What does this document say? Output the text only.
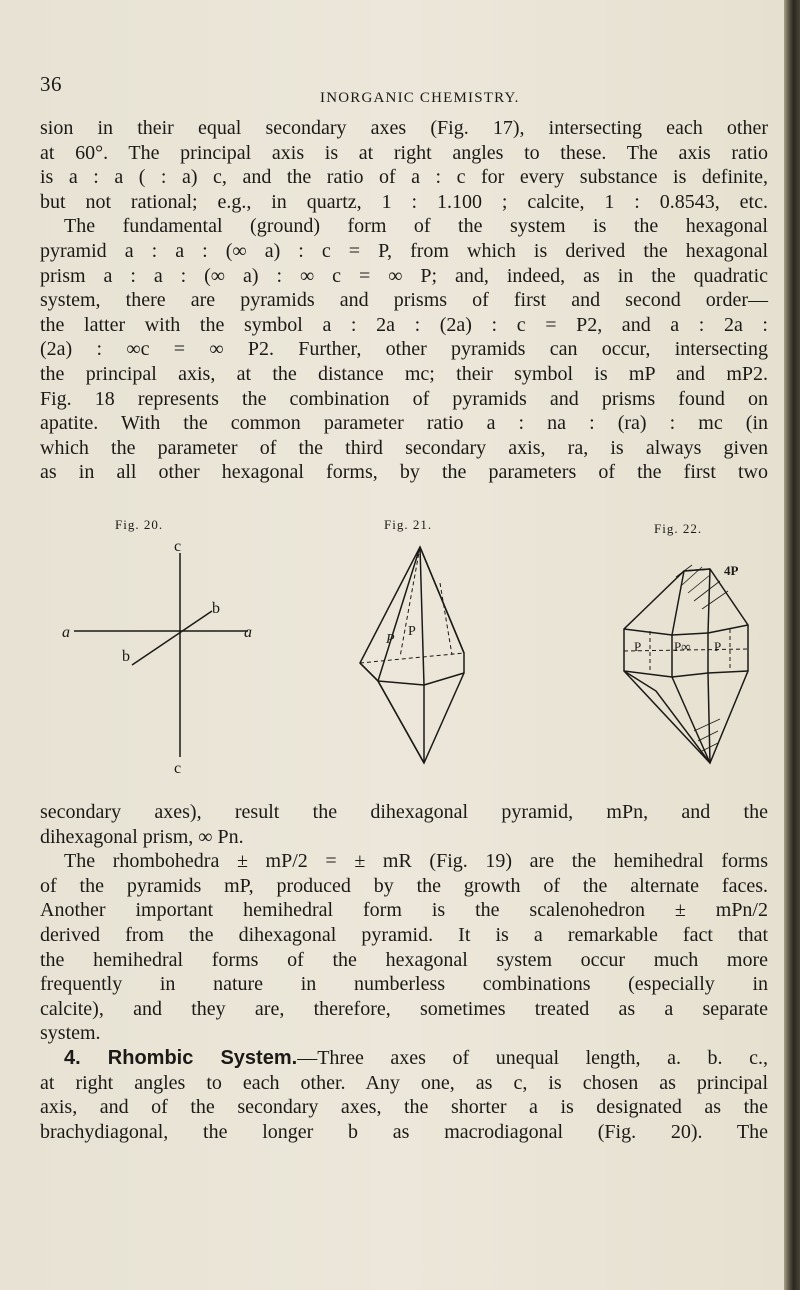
36
INORGANIC CHEMISTRY.
sion in their equal secondary axes (Fig. 17), intersecting each other
at 60°. The principal axis is at right angles to these. The axis ratio
is a : a ( : a) c, and the ratio of a : c for every substance is definite,
but not rational; e.g., in quartz, 1 : 1.100 ; calcite, 1 : 0.8543, etc.
The fundamental (ground) form of the system is the hexagonal
pyramid a : a : (∞ a) : c = P, from which is derived the hexagonal
prism a : a : (∞ a) : ∞ c = ∞ P; and, indeed, as in the quadratic
system, there are pyramids and prisms of first and second order—
the latter with the symbol a : 2a : (2a) : c = P2, and a : 2a :
(2a) : ∞c = ∞ P2. Further, other pyramids can occur, intersecting
the principal axis, at the distance mc; their symbol is mP and mP2.
Fig. 18 represents the combination of pyramids and prisms found on
apatite. With the common parameter ratio a : na : (ra) : mc (in
which the parameter of the third secondary axis, ra, is always given
as in all other hexagonal forms, by the parameters of the first two
Fig. 20.	Fig. 21.	Fig. 22.
c
c
a	a
b
b
P
P
4P
P	P∞ P
secondary axes), result the dihexagonal pyramid, mPn, and the
dihexagonal prism, ∞ Pn.
The rhombohedra ± mP/2 = ± mR (Fig. 19) are the hemihedral forms
of the pyramids mP, produced by the growth of the alternate faces.
Another important hemihedral form is the scalenohedron ± mPn/2
derived from the dihexagonal pyramid. It is a remarkable fact that
the hemihedral forms of the hexagonal system occur much more
frequently in nature in numberless combinations (especially in
calcite), and they are, therefore, sometimes treated as a separate
system.
4. Rhombic System.—Three axes of unequal length, a. b. c.,
at right angles to each other. Any one, as c, is chosen as principal
axis, and of the secondary axes, the shorter a is designated as the
brachydiagonal, the longer b as macrodiagonal (Fig. 20). The
